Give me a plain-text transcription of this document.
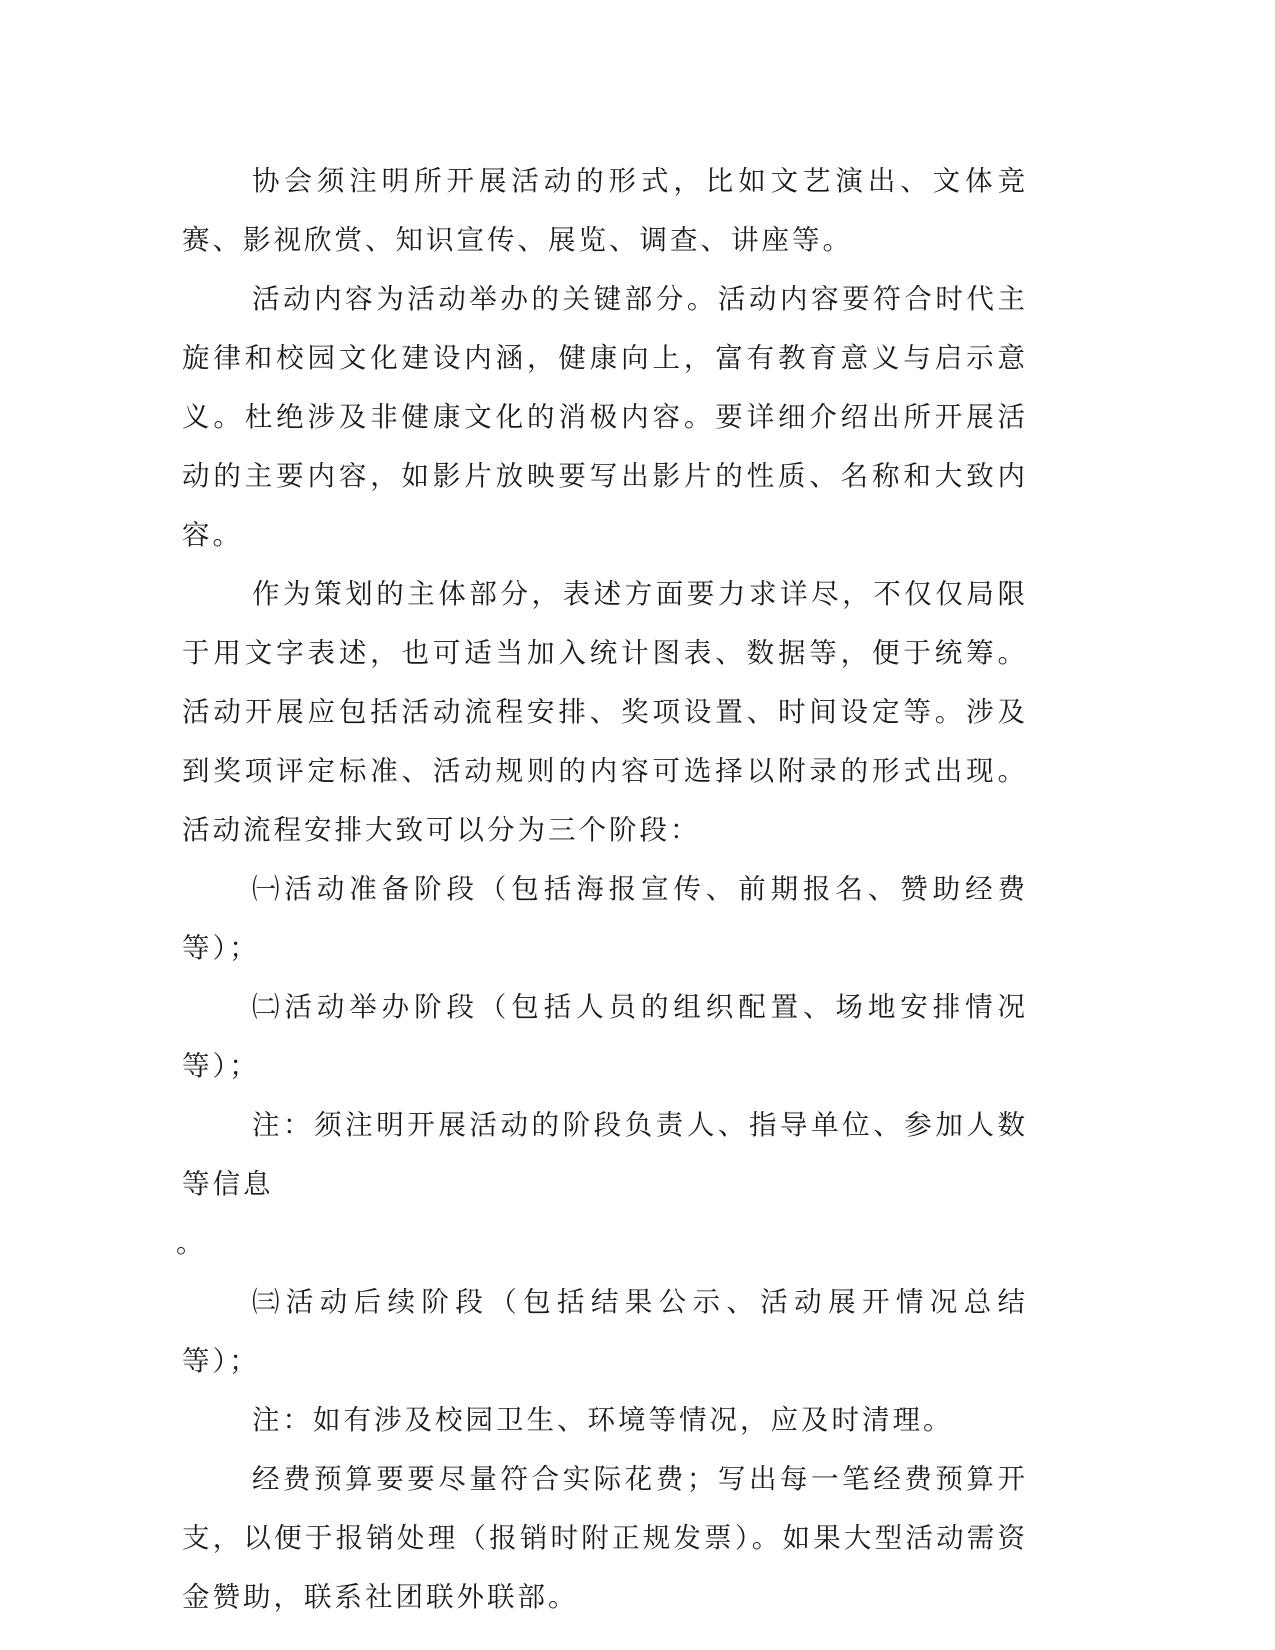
协会须注明所开展活动的形式，比如文艺演出、文体竞赛、影视欣赏、知识宣传、展览、调查、讲座等。

活动内容为活动举办的关键部分。活动内容要符合时代主旋律和校园文化建设内涵，健康向上，富有教育意义与启示意义。杜绝涉及非健康文化的消极内容。要详细介绍出所开展活动的主要内容，如影片放映要写出影片的性质、名称和大致内容。

作为策划的主体部分，表述方面要力求详尽，不仅仅局限于用文字表述，也可适当加入统计图表、数据等，便于统筹。活动开展应包括活动流程安排、奖项设置、时间设定等。涉及到奖项评定标准、活动规则的内容可选择以附录的形式出现。活动流程安排大致可以分为三个阶段：

㈠活动准备阶段（包括海报宣传、前期报名、赞助经费等）；

㈡活动举办阶段（包括人员的组织配置、场地安排情况等）；

注：须注明开展活动的阶段负责人、指导单位、参加人数等信息

。

㈢活动后续阶段（包括结果公示、活动展开情况总结等）；

注：如有涉及校园卫生、环境等情况，应及时清理。

经费预算要要尽量符合实际花费；写出每一笔经费预算开支，以便于报销处理（报销时附正规发票）。如果大型活动需资金赞助，联系社团联外联部。
